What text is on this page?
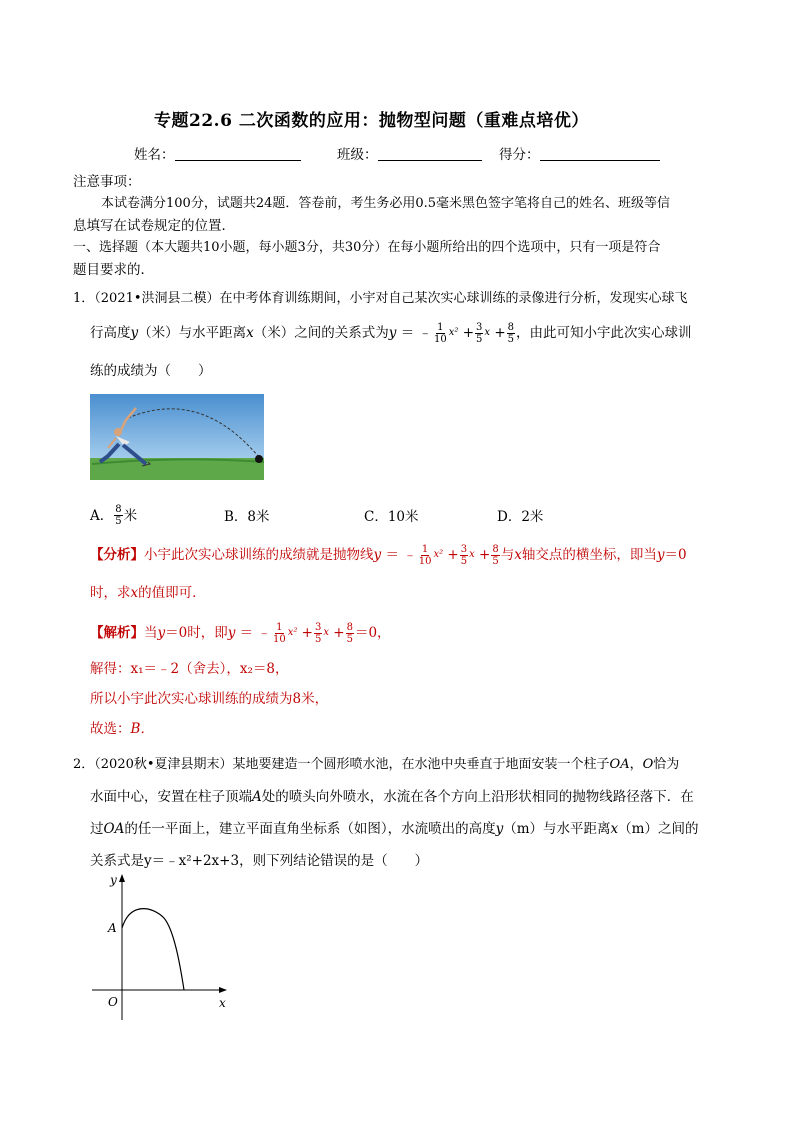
专题22.6 二次函数的应用：抛物型问题（重难点培优）
姓名：	班级：	得分：
注意事项：
本试卷满分100分，试题共24题．答卷前，考生务必用0.5毫米黑色签字笔将自己的姓名、班级等信
息填写在试卷规定的位置．
一、选择题（本大题共10小题，每小题3分，共30分）在每小题所给出的四个选项中，只有一项是符合
题目要求的．
1．（2021•洪洞县二模）在中考体育训练期间，小宇对自己某次实心球训练的录像进行分析，发现实心球飞
行高度 y （米）与水平距离 x （米）之间的关系式为 y
＝
﹣ $\frac{1}{10} x^2$
+ $\frac{3}{5}$ x
+ $\frac{8}{5}$ ，由此可知小宇此次实心球训
练的成绩为（　　）
A． $\frac{8}{5}$ 米	B．8米	C．10米	D．2米
【分析】 小宇此次实心球训练的成绩就是抛物线 y
＝
﹣ $\frac{1}{10} x^2$
+ $\frac{3}{5}$ x
+ $\frac{8}{5}$ 与 x 轴交点的横坐标，即当 y ＝0
时，求x的值即可．
【解析】 当 y ＝0时，即 y
＝
﹣ $\frac{1}{10} x^2$
+ $\frac{3}{5}$ x
+ $\frac{8}{5} =0$，
解得：x₁＝﹣2（舍去），x₂＝8，
所以小宇此次实心球训练的成绩为8米，
故选：B．
2．（2020秋•夏津县期末）某地要建造一个圆形喷水池，在水池中央垂直于地面安装一个柱子OA，O恰为
水面中心，安置在柱子顶端A处的喷头向外喷水，水流在各个方向上沿形状相同的抛物线路径落下．在
过OA的任一平面上，建立平面直角坐标系（如图），水流喷出的高度y（m）与水平距离x（m）之间的
关系式是y＝﹣x²+2x+3，则下列结论错误的是（　　）
y
x
A
O
